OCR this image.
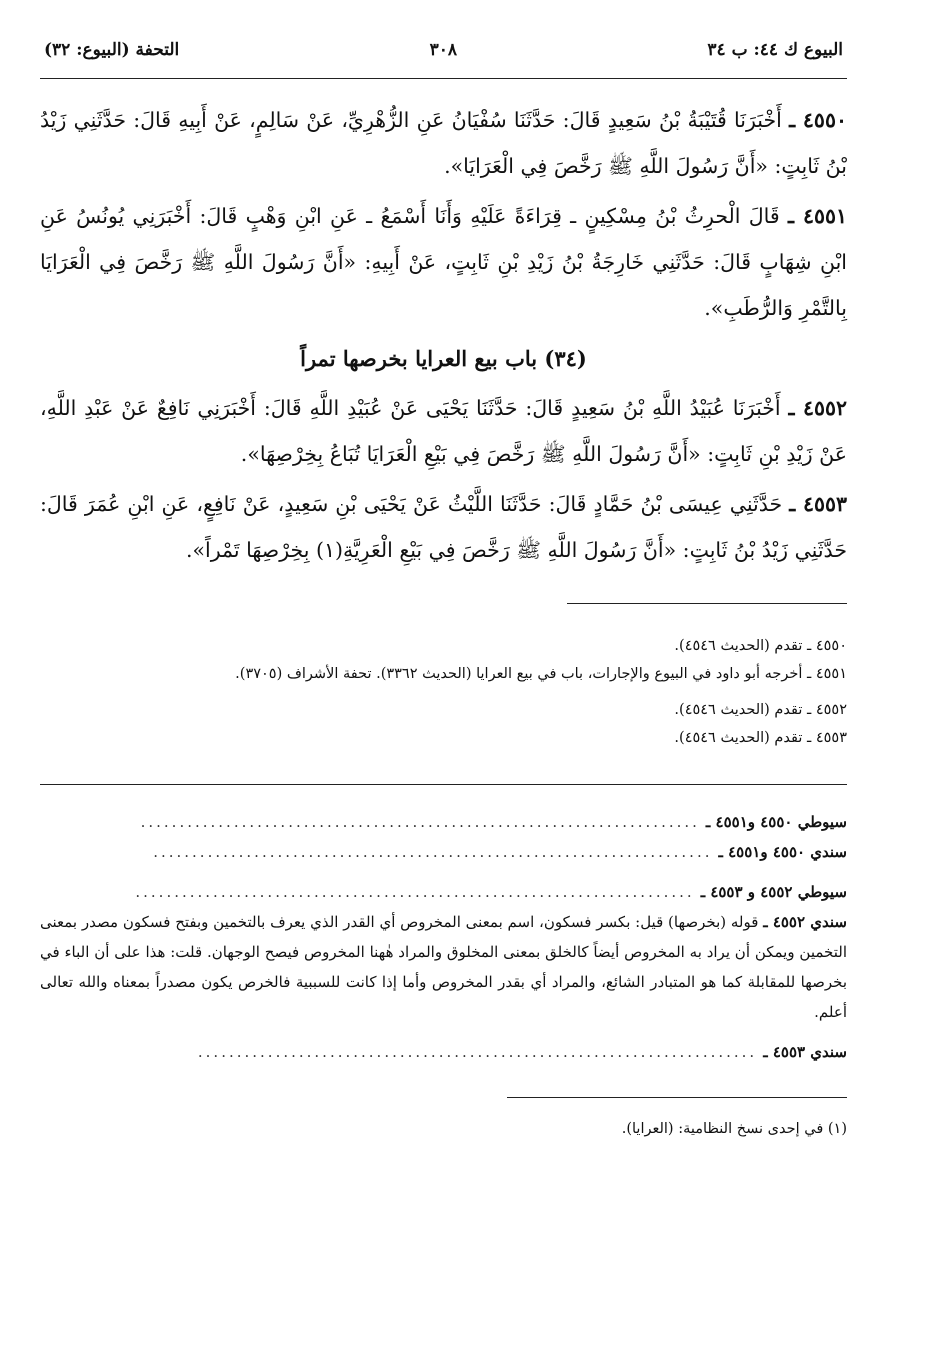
البيوع ك ٤٤: ب ٣٤
٣٠٨
التحفة (البيوع: ٣٢)

٤٥٥٠ ـ أَخْبَرَنَا قُتَيْبَةُ بْنُ سَعِيدٍ قَالَ: حَدَّثَنَا سُفْيَانُ عَنِ الزُّهْرِيِّ، عَنْ سَالِمٍ، عَنْ أَبِيهِ قَالَ: حَدَّثَنِي زَيْدُ بْنُ ثَابِتٍ: «أَنَّ رَسُولَ اللَّهِ ﷺ رَخَّصَ فِي الْعَرَايَا».

٤٥٥١ ـ قَالَ الْحرِثُ بْنُ مِسْكِينٍ ـ قِرَاءَةً عَلَيْهِ وَأَنَا أَسْمَعُ ـ عَنِ ابْنِ وَهْبٍ قَالَ: أَخْبَرَنِي يُونُسُ عَنِ ابْنِ شِهَابٍ قَالَ: حَدَّثَنِي خَارِجَةُ بْنُ زَيْدِ بْنِ ثَابِتٍ، عَنْ أَبِيهِ: «أَنَّ رَسُولَ اللَّهِ ﷺ رَخَّصَ فِي الْعَرَايَا بِالتَّمْرِ وَالرُّطَبِ».

(٣٤) باب بيع العرايا بخرصها تمراً

٤٥٥٢ ـ أَخْبَرَنَا عُبَيْدُ اللَّهِ بْنُ سَعِيدٍ قَالَ: حَدَّثَنَا يَحْيَى عَنْ عُبَيْدِ اللَّهِ قَالَ: أَخْبَرَنِي نَافِعٌ عَنْ عَبْدِ اللَّهِ، عَنْ زَيْدِ بْنِ ثَابِتٍ: «أَنَّ رَسُولَ اللَّهِ ﷺ رَخَّصَ فِي بَيْعِ الْعَرَايَا تُبَاعُ بِخِرْصِهَا».

٤٥٥٣ ـ حَدَّثَنِي عِيسَى بْنُ حَمَّادٍ قَالَ: حَدَّثَنَا اللَّيْثُ عَنْ يَحْيَى بْنِ سَعِيدٍ، عَنْ نَافِعٍ، عَنِ ابْنِ عُمَرَ قَالَ: حَدَّثَنِي زَيْدُ بْنُ ثَابِتٍ: «أَنَّ رَسُولَ اللَّهِ ﷺ رَخَّصَ فِي بَيْعِ الْعَرِيَّةِ(١) بِخِرْصِهَا تَمْراً».

٤٥٥٠ ـ تقدم (الحديث ٤٥٤٦).

٤٥٥١ ـ أخرجه أبو داود في البيوع والإجارات، باب في بيع العرايا (الحديث ٣٣٦٢). تحفة الأشراف (٣٧٠٥).

٤٥٥٢ ـ تقدم (الحديث ٤٥٤٦).

٤٥٥٣ ـ تقدم (الحديث ٤٥٤٦).

سيوطي ٤٥٥٠ و٤٥٥١ ـ
........................................................................
سندي ٤٥٥٠ و٤٥٥١ ـ
........................................................................
سيوطي ٤٥٥٢ و ٤٥٥٣ ـ
........................................................................
سندي ٤٥٥٢ ـ قوله (بخرصها) قيل: بكسر فسكون، اسم بمعنى المخروص أي القدر الذي يعرف بالتخمين وبفتح فسكون مصدر بمعنى التخمين ويمكن أن يراد به المخروص أيضاً كالخلق بمعنى المخلوق والمراد هٰهنا المخروص فيصح الوجهان. قلت: هذا على أن الباء في بخرصها للمقابلة كما هو المتبادر الشائع، والمراد أي بقدر المخروص وأما إذا كانت للسببية فالخرص يكون مصدراً بمعناه والله تعالى أعلم.
سندي ٤٥٥٣ ـ
........................................................................
(١) في إحدى نسخ النظامية: (العرايا).
